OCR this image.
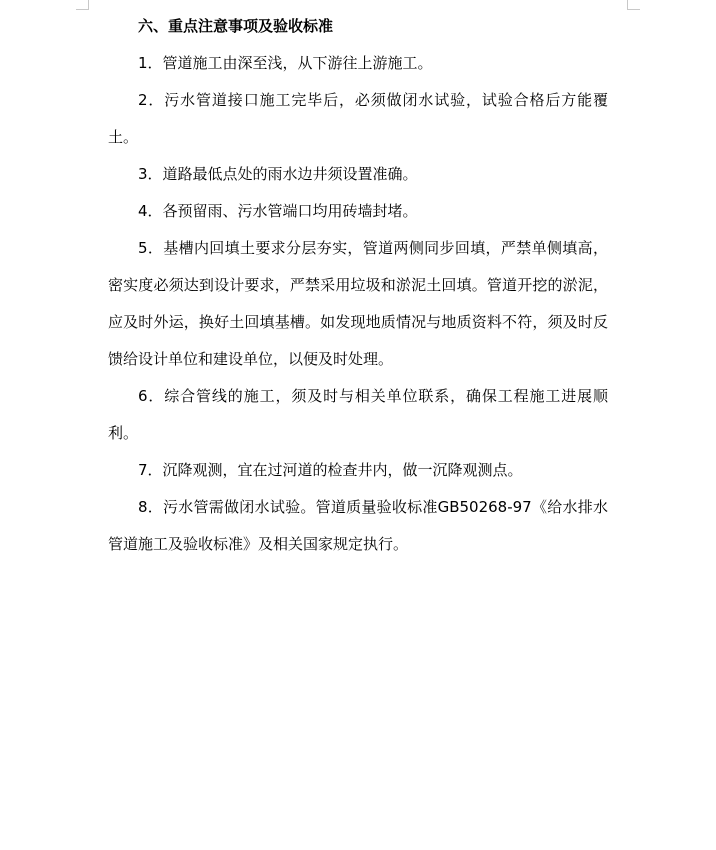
六、重点注意事项及验收标准

1．管道施工由深至浅，从下游往上游施工。

2．污水管道接口施工完毕后，必须做闭水试验，试验合格后方能覆土。

3．道路最低点处的雨水边井须设置准确。

4．各预留雨、污水管端口均用砖墙封堵。

5．基槽内回填土要求分层夯实，管道两侧同步回填，严禁单侧填高，密实度必须达到设计要求，严禁采用垃圾和淤泥土回填。管道开挖的淤泥，应及时外运，换好土回填基槽。如发现地质情况与地质资料不符，须及时反馈给设计单位和建设单位，以便及时处理。

6．综合管线的施工，须及时与相关单位联系，确保工程施工进展顺利。

7．沉降观测，宜在过河道的检查井内，做一沉降观测点。

8．污水管需做闭水试验。管道质量验收标准GB50268-97《给水排水管道施工及验收标准》及相关国家规定执行。
